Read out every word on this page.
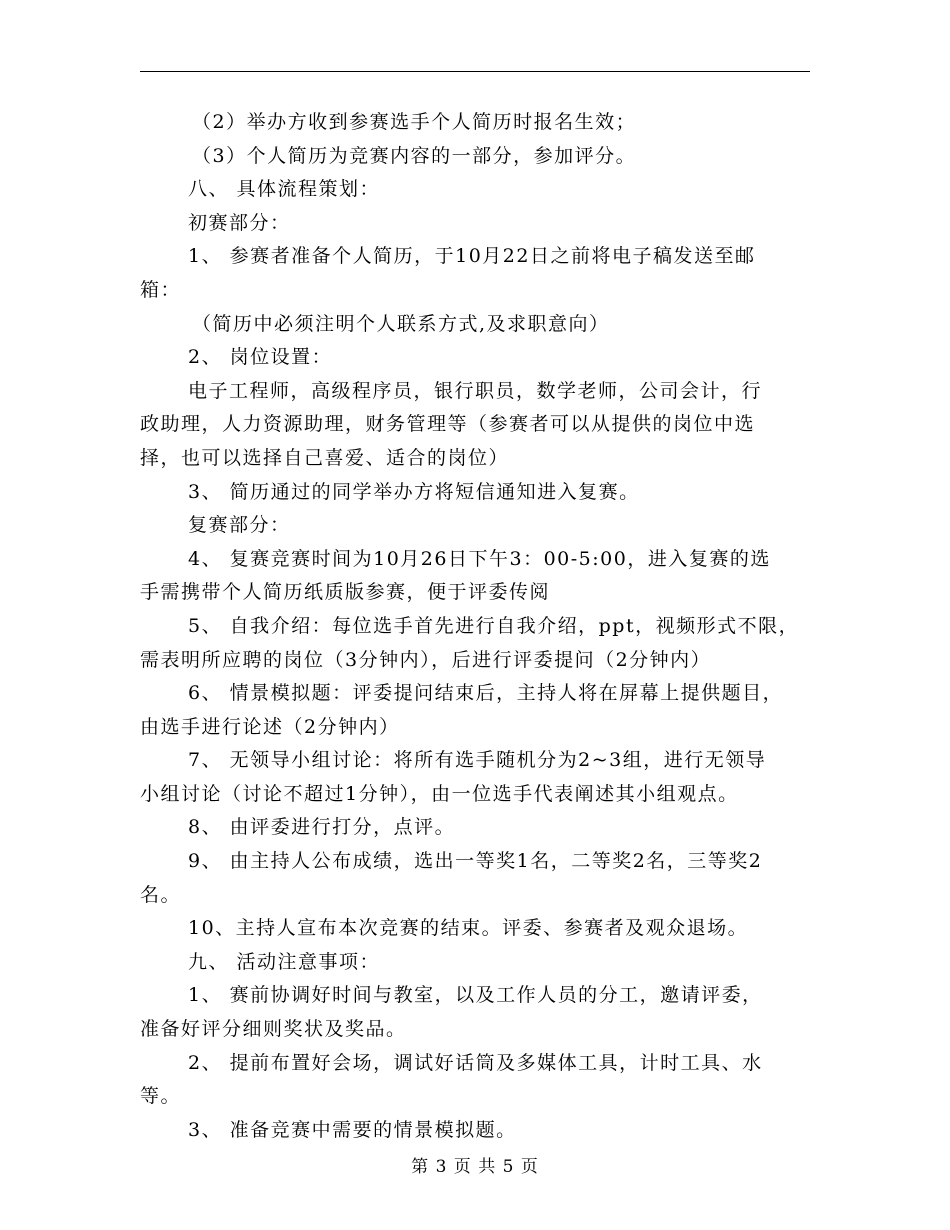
（2）举办方收到参赛选手个人简历时报名生效；
（3）个人简历为竞赛内容的一部分，参加评分。
八、 具体流程策划：
初赛部分：
1、 参赛者准备个人简历，于10月22日之前将电子稿发送至邮
箱：
（简历中必须注明个人联系方式,及求职意向）
2、 岗位设置：
电子工程师，高级程序员，银行职员，数学老师，公司会计，行
政助理，人力资源助理，财务管理等（参赛者可以从提供的岗位中选
择，也可以选择自己喜爱、适合的岗位）
3、 简历通过的同学举办方将短信通知进入复赛。
复赛部分：
4、 复赛竞赛时间为10月26日下午3：00-5:00，进入复赛的选
手需携带个人简历纸质版参赛，便于评委传阅
5、 自我介绍：每位选手首先进行自我介绍，ppt，视频形式不限，
需表明所应聘的岗位（3分钟内），后进行评委提问（2分钟内）
6、 情景模拟题：评委提问结束后，主持人将在屏幕上提供题目，
由选手进行论述（2分钟内）
7、 无领导小组讨论：将所有选手随机分为2~3组，进行无领导
小组讨论（讨论不超过1分钟），由一位选手代表阐述其小组观点。
8、 由评委进行打分，点评。
9、 由主持人公布成绩，选出一等奖1名，二等奖2名，三等奖2
名。
10、主持人宣布本次竞赛的结束。评委、参赛者及观众退场。
九、 活动注意事项：
1、 赛前协调好时间与教室，以及工作人员的分工，邀请评委，
准备好评分细则奖状及奖品。
2、 提前布置好会场，调试好话筒及多媒体工具，计时工具、水
等。
3、 准备竞赛中需要的情景模拟题。
第 3 页 共 5 页
